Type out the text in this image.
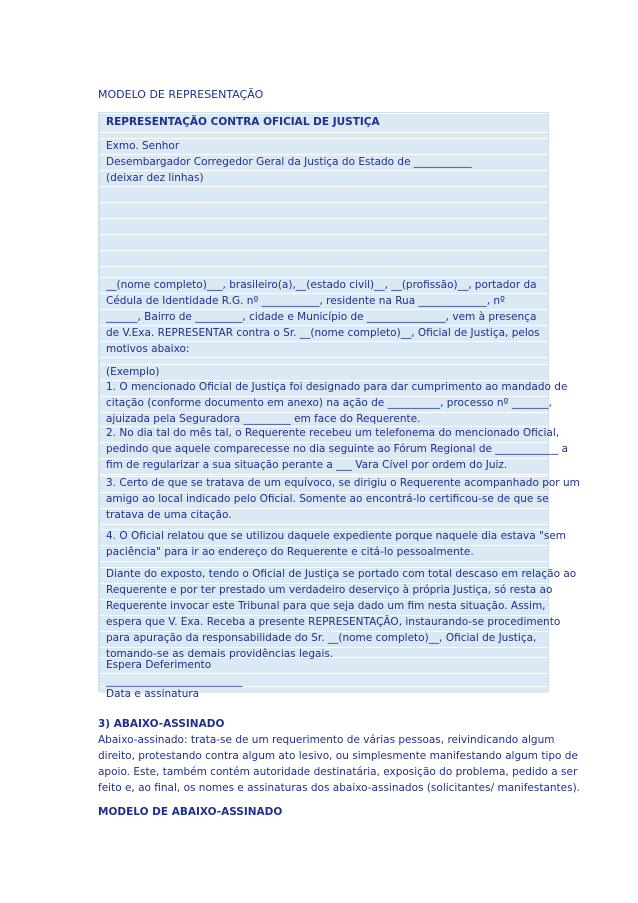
MODELO DE REPRESENTAÇÃO
REPRESENTAÇÃO CONTRA OFICIAL DE JUSTIÇA
Exmo. Senhor
Desembargador Corregedor Geral da Justiça do Estado de ___________
(deixar dez linhas)
__(nome completo)___, brasileiro(a),__(estado civil)__, __(profissão)__, portador da
Cédula de Identidade R.G. nº ___________, residente na Rua _____________, nº
______, Bairro de _________, cidade e Município de _______________, vem à presença
de V.Exa. REPRESENTAR contra o Sr. __(nome completo)__, Oficial de Justiça, pelos
motivos abaixo:
(Exemplo)
1. O mencionado Oficial de Justiça foi designado para dar cumprimento ao mandado de
citação (conforme documento em anexo) na ação de __________, processo nº _______,
ajuizada pela Seguradora _________ em face do Requerente.
2. No dia tal do mês tal, o Requerente recebeu um telefonema do mencionado Oficial,
pedindo que aquele comparecesse no dia seguinte ao Fórum Regional de ____________ a
fim de regularizar a sua situação perante a ___ Vara Cível por ordem do Juiz.
3. Certo de que se tratava de um equívoco, se dirigiu o Requerente acompanhado por um
amigo ao local indicado pelo Oficial. Somente ao encontrá-lo certificou-se de que se
tratava de uma citação.
4. O Oficial relatou que se utilizou daquele expediente porque naquele dia estava "sem
paciência" para ir ao endereço do Requerente e citá-lo pessoalmente.
Diante do exposto, tendo o Oficial de Justiça se portado com total descaso em relação ao
Requerente e por ter prestado um verdadeiro deserviço à própria Justiça, só resta ao
Requerente invocar este Tribunal para que seja dado um fim nesta situação. Assim,
espera que V. Exa. Receba a presente REPRESENTAÇÃO, instaurando-se procedimento
para apuração da responsabilidade do Sr. __(nome completo)__, Oficial de Justiça,
tomando-se as demais providências legais.
3) ABAIXO-ASSINADO
Abaixo-assinado: trata-se de um requerimento de várias pessoas, reivindicando algum
direito, protestando contra algum ato lesivo, ou simplesmente manifestando algum tipo de
apoio. Este, também contém autoridade destinatária, exposição do problema, pedido a ser
feito e, ao final, os nomes e assinaturas dos abaixo-assinados (solicitantes/ manifestantes).
MODELO DE ABAIXO-ASSINADO
Espera Deferimento
__________________________
Data e assinatura
